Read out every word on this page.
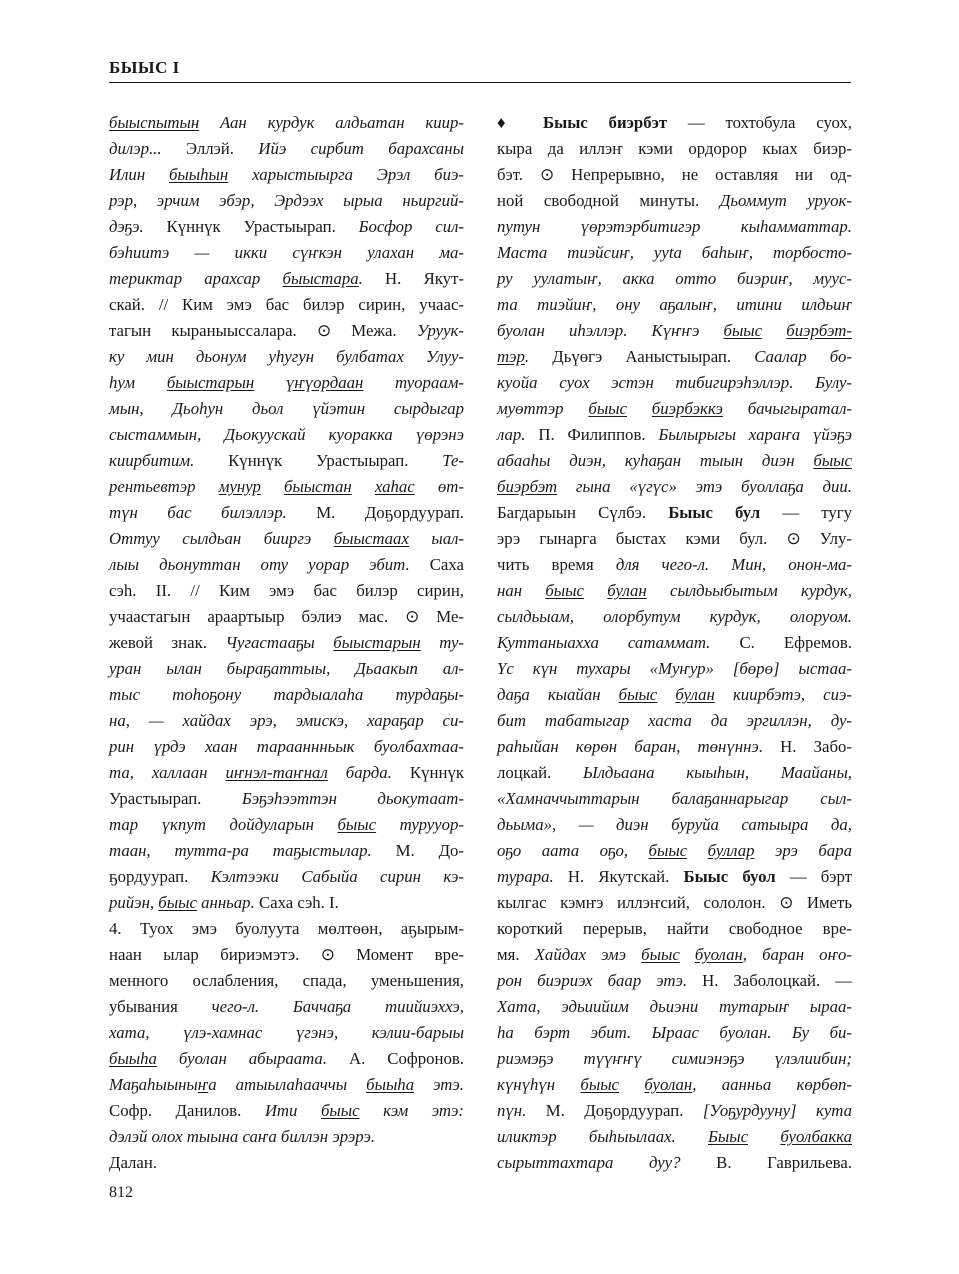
БЫЫС I
быыспытын Аан курдук алдьатан киир-
дилэр... Эллэй. Ийэ сирбит барахсаны
Илин быыһын харыстыырга Эрэл биэ-
рэр, эрчим эбэр, Эрдээх ырыа ньиргий-
дэҕэ. Күннүк Урастыырап. Босфор сил-
бэһиитэ — икки сүҥкэн улахан ма-
териктар арахсар быыстара. Н. Якут-
скай. // Ким эмэ бас билэр сирин, учаас-
тагын кыраныыссалара. ⊙ Межа. Уруук-
ку мин дьонум уһугун булбатах Улуу-
һум быыстарын үҥүордаан туораам-
мын, Дьоһун дьол үйэтин сырдыгар
сыстаммын, Дьокуускай куоракка үөрэнэ
киирбитим. Күннүк Урастыырап. Те-
рентьевтэр мунур быыстан хаһас өт-
түн бас билэллэр. М. Доҕордуурап.
Оттуу сылдьан бииргэ быыстаах ыал-
лыы дьонуттан оту уорар эбит. Саха
сэһ. II. // Ким эмэ бас билэр сирин,
учаастагын араартыыр бэлиэ мас. ⊙ Ме-
жевой знак. Чугастааҕы быыстарын ту-
уран ылан быраҕаттыы, Дьаакып ал-
тыс тоһоҕону тардыалаһа турдаҕы-
на, — хайдах эрэ, эмискэ, хараҕар си-
рин үрдэ хаан тарааннньык буолбахтаа-
та, халлаан иҥнэл-таҥнал барда. Күннүк
Урастыырап. Бэҕэһээттэн дьокутаат-
тар үкпут дойдуларын быыс турууор-
таан, тутта-ра таҕыстылар. М. До-
ҕордуурап. Кэлтээки Сабыйа сирин кэ-
рийэн, быыс анньар. Саха сэһ. I.
4. Туох эмэ буолуута мөлтөөн, аҕырым-
наан ылар бириэмэтэ. ⊙ Момент вре-
менного ослабления, спада, уменьшения,
убывания чего-л. Баччаҕа тиийиэххэ,
хата, үлэ-хамнас үгэнэ, кэлии-барыы
быыһа буолан абыраата. А. Софронов.
Маҕаһыыныҥа атыылаһааччы быыһа этэ.
Софр. Данилов. Ити быыс кэм этэ:
дэлэй олох тыына саҥа биллэн эрэрэ.
Далан.
♦ Быыс биэрбэт — тохтобула суох,
кыра да иллэҥ кэми ордорор кыах биэр-
бэт. ⊙ Непрерывно, не оставляя ни од-
ной свободной минуты. Дьоммут уруок-
путун үөрэтэрбитигэр кыһамматтар.
Маста тиэйсиҥ, ууta баһыҥ, торбосто-
ру уулатыҥ, акка отто биэриҥ, мууc-
та тиэйиҥ, ону аҕалыҥ, итини илдьиҥ
буолан иһэллэр. Күҥҥэ быыс биэрбэт-
тэр. Дьүөгэ Ааныстыырап. Саалар бо-
куойа суох эстэн тибигирэһэллэр. Булу-
муөттэр быыс биэрбэккэ бачыгыратал-
лар. П. Филиппов. Былырыгы хараҥа үйэҕэ
абааһы диэн, куһаҕан тыын диэн быыс
биэрбэт гына «үгүс» этэ буоллаҕа дии.
Багдарыын Сүлбэ. Быыс бул — тугу
эрэ гынарга быстах кэми бул. ⊙ Улу-
чить время для чего-л. Мин, онон-ма-
нан быыс булан сылдьыбытым курдук,
сылдьыам, олорбутум курдук, олоруом.
Куттаныахха сатаммат. С. Ефремов.
Үс күн тухары «Муҥур» [бөрө] ыстаа-
даҕа кыайан быыс булан киирбэтэ, сиэ-
бит табатыгар хаста да эргиллэн, ду-
раһыйан көрөн баран, төнүннэ. Н. Забо-
лоцкай. Ылдьаана кыыһын, Маайаны,
«Хамначчыттарын балаҕаннарыгар сыл-
дьыма», — диэн буруйа сатыыра да,
оҕо аата оҕо, быыс буллар эрэ бара
турара. Н. Якутскай. Быыс буол — бэрт
кылгас кэмҥэ иллэҥсий, сололон. ⊙ Иметь
короткий перерыв, найти свободное вре-
мя. Хайдах эмэ быыс буолан, баран оҥо-
рон биэриэх баар этэ. Н. Заболоцкай. —
Хата, эдьиийим дьиэни тутарыҥ ыраа-
һа бэрт эбит. Ыраас буолан. Бу би-
риэмэҕэ түүҥҥү симиэнэҕэ үлэлиибин;
күнүһүн быыс буолан, аанньа көрбөп-
пүн. М. Доҕордуурап. [Уоҕурдууну] кута
иликтэр быһыылаах. Быыс буолбакка
сырыттахтара дуу? В. Гаврильева.
812
